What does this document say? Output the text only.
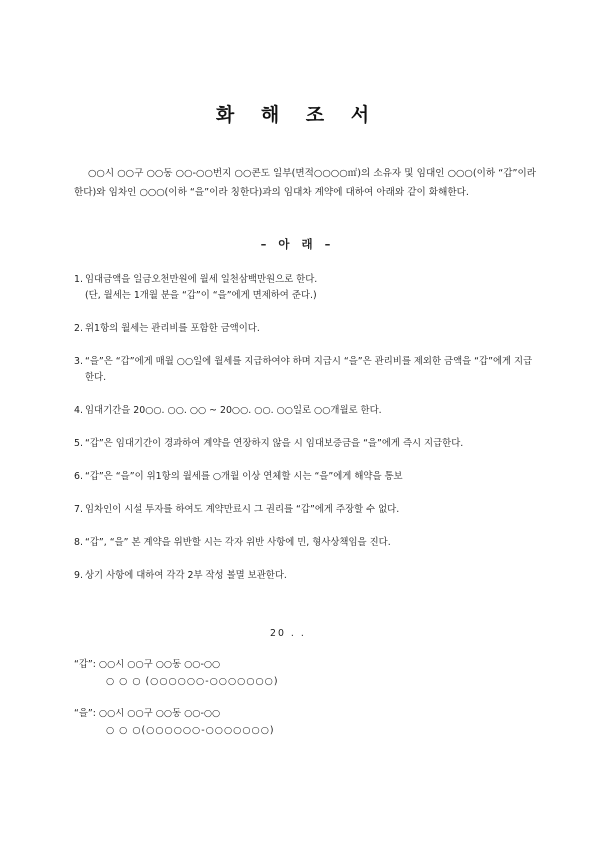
화 해 조 서

○○시 ○○구 ○○동 ○○-○○번지 ○○콘도 일부(면적○○○○㎡)의 소유자 및 임대인 ○○○(이하 “갑”이라 한다)와 임차인 ○○○(이하 “을”이라 칭한다)과의 임대차 계약에 대하여 아래와 같이 화해한다.

– 아 래 –
1. 임대금액을 일금오천만원에 월세 일천삼백만원으로 한다.
(단, 월세는 1개월 분을 “갑”이 “을”에게 면제하여 준다.)
2. 위1항의 월세는 관리비를 포함한 금액이다.
3. “을”은 “갑”에게 매월 ○○일에 월세를 지급하여야 하며 지급시 “을”은 관리비를 제외한 금액을 “갑”에게 지급한다.
4. 임대기간을 20○○. ○○. ○○ ~ 20○○. ○○. ○○일로 ○○개월로 한다.
5. “갑”은 임대기간이 경과하여 계약을 연장하지 않을 시 임대보증금을 “을”에게 즉시 지급한다.
6. “갑”은 “을”이 위1항의 월세를 ○개월 이상 연체할 시는 “을”에게 해약을 통보
7. 임차인이 시설 투자를 하여도 계약만료시 그 권리를 “갑”에게 주장할 수 없다.
8. “갑”, “을” 본 계약을 위반할 시는 각자 위반 사항에 민, 형사상책임을 진다.
9. 상기 사항에 대하여 각각 2부 작성 볼멸 보관한다.
20 . .
“갑”: ○○시 ○○구 ○○동 ○○-○○
○ ○ ○ (○○○○○○-○○○○○○○)
“을”: ○○시 ○○구 ○○동 ○○-○○
○ ○ ○(○○○○○○-○○○○○○○)
